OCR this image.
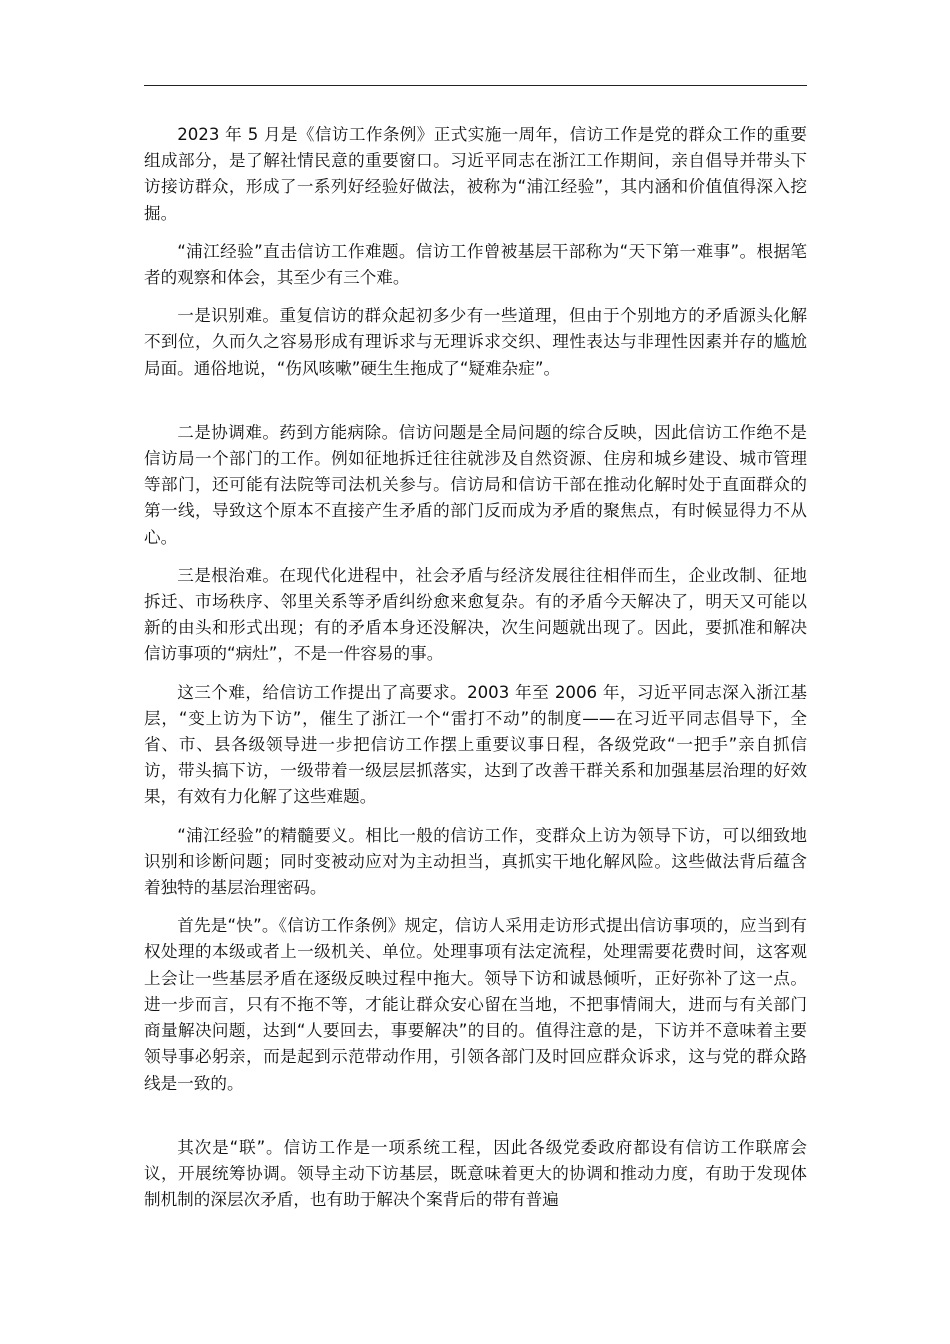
2023 年 5 月是《信访工作条例》正式实施一周年，信访工作是党的群众工作的重要组成部分，是了解社情民意的重要窗口。习近平同志在浙江工作期间，亲自倡导并带头下访接访群众，形成了一系列好经验好做法，被称为“浦江经验”，其内涵和价值值得深入挖掘。

“浦江经验”直击信访工作难题。信访工作曾被基层干部称为“天下第一难事”。根据笔者的观察和体会，其至少有三个难。

一是识别难。重复信访的群众起初多少有一些道理，但由于个别地方的矛盾源头化解不到位，久而久之容易形成有理诉求与无理诉求交织、理性表达与非理性因素并存的尴尬局面。通俗地说，“伤风咳嗽”硬生生拖成了“疑难杂症”。

二是协调难。药到方能病除。信访问题是全局问题的综合反映，因此信访工作绝不是信访局一个部门的工作。例如征地拆迁往往就涉及自然资源、住房和城乡建设、城市管理等部门，还可能有法院等司法机关参与。信访局和信访干部在推动化解时处于直面群众的第一线，导致这个原本不直接产生矛盾的部门反而成为矛盾的聚焦点，有时候显得力不从心。

三是根治难。在现代化进程中，社会矛盾与经济发展往往相伴而生，企业改制、征地拆迁、市场秩序、邻里关系等矛盾纠纷愈来愈复杂。有的矛盾今天解决了，明天又可能以新的由头和形式出现；有的矛盾本身还没解决，次生问题就出现了。因此，要抓准和解决信访事项的“病灶”，不是一件容易的事。

这三个难，给信访工作提出了高要求。2003 年至 2006 年，习近平同志深入浙江基层，“变上访为下访”，催生了浙江一个“雷打不动”的制度——在习近平同志倡导下，全省、市、县各级领导进一步把信访工作摆上重要议事日程，各级党政“一把手”亲自抓信访，带头搞下访，一级带着一级层层抓落实，达到了改善干群关系和加强基层治理的好效果，有效有力化解了这些难题。

“浦江经验”的精髓要义。相比一般的信访工作，变群众上访为领导下访，可以细致地识别和诊断问题；同时变被动应对为主动担当，真抓实干地化解风险。这些做法背后蕴含着独特的基层治理密码。

首先是“快”。《信访工作条例》规定，信访人采用走访形式提出信访事项的，应当到有权处理的本级或者上一级机关、单位。处理事项有法定流程，处理需要花费时间，这客观上会让一些基层矛盾在逐级反映过程中拖大。领导下访和诚恳倾听，正好弥补了这一点。进一步而言，只有不拖不等，才能让群众安心留在当地，不把事情闹大，进而与有关部门商量解决问题，达到“人要回去，事要解决”的目的。值得注意的是，下访并不意味着主要领导事必躬亲，而是起到示范带动作用，引领各部门及时回应群众诉求，这与党的群众路线是一致的。

其次是“联”。信访工作是一项系统工程，因此各级党委政府都设有信访工作联席会议，开展统筹协调。领导主动下访基层，既意味着更大的协调和推动力度，有助于发现体制机制的深层次矛盾，也有助于解决个案背后的带有普遍
